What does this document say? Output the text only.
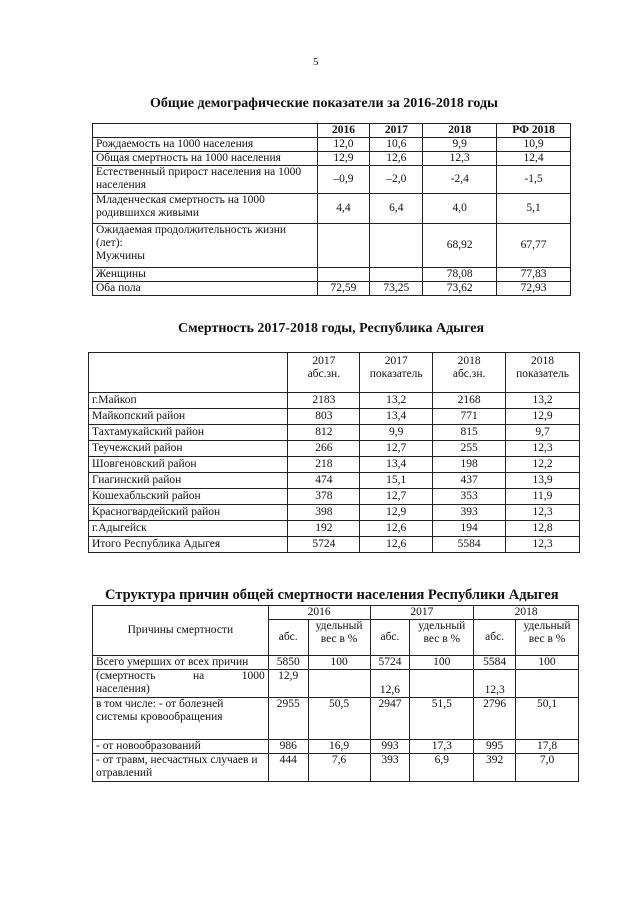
5
Общие демографические показатели за 2016-2018 годы
	2016	2017	2018	РФ 2018
Рождаемость на 1000 населения	12,0	10,6	9,9	10,9
Общая смертность на 1000 населения	12,9	12,6	12,3	12,4
Естественный прирост населения на 1000 населения	–0,9	–2,0	-2,4	-1,5
Младенческая смертность на 1000 родившихся живыми	4,4	6,4	4,0	5,1

Ожидаемая продолжительность жизни (лет):
Мужчины			68,92	67,77
Женщины			78,08	77,83
Оба пола	72,59	73,25	73,62	72,93
Смертность 2017-2018 годы, Республика Адыгея
	2017 абс.зн.	2017 показатель	2018 абс.зн.	2018 показатель
г.Майкоп	2183	13,2	2168	13,2
Майкопский район	803	13,4	771	12,9
Тахтамукайский район	812	9,9	815	9,7
Теучежский район	266	12,7	255	12,3
Шовгеновский район	218	13,4	198	12,2
Гиагинский район	474	15,1	437	13,9
Кошехабльский район	378	12,7	353	11,9
Красногвардейский район	398	12,9	393	12,3
г.Адыгейск	192	12,6	194	12,8
Итого Республика Адыгея	5724	12,6	5584	12,3
Структура причин общей смертности населения Республики Адыгея
Причины смертности	2016		2017		2018	
	абс.	удельный вес в %	абс.	удельный вес в %	абс.	удельный вес в %
Всего умерших от всех причин	5850	100	5724	100	5584	100

(смертность на 1000
населения)	12,9		12,6		12,3	
в том числе: - от болезней системы кровообращения	2955	50,5	2947	51,5	2796	50,1
- от новообразований	986	16,9	993	17,3	995	17,8
- от травм, несчастных случаев и отравлений	444	7,6	393	6,9	392	7,0
